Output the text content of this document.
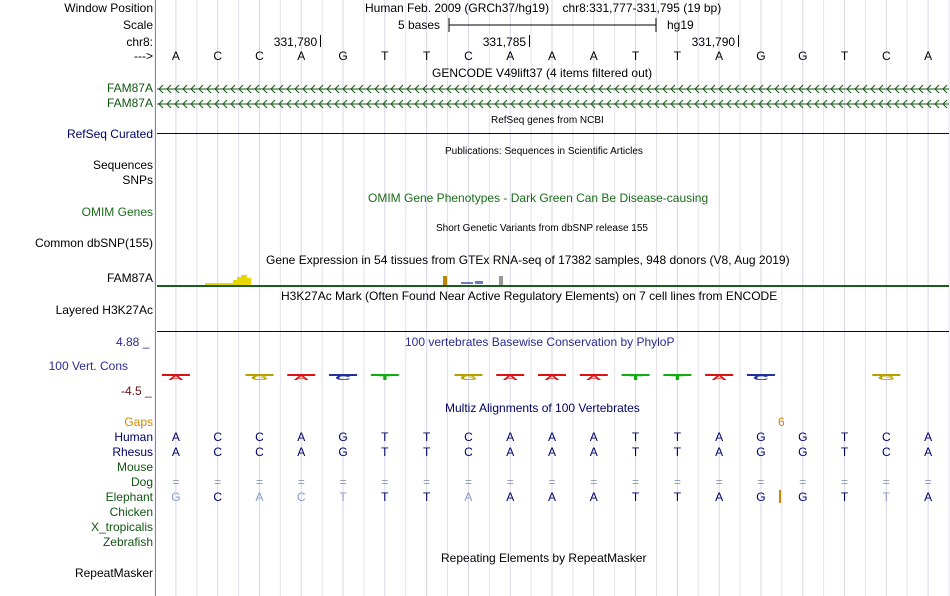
Window Position	Human Feb. 2009 (GRCh37/hg19)    chr8:331,777-331,795 (19 bp)
Scale	5 bases	hg19
chr8:	331,780	331,785	331,790
--->	A	C	C	A	G	T	T	C	A	A	A	T	T	A	G	G	T	C	A
GENCODE V49lift37 (4 items filtered out)
FAM87A
FAM87A
RefSeq genes from NCBI
RefSeq Curated
Publications: Sequences in Scientific Articles
Sequences
SNPs
OMIM Gene Phenotypes - Dark Green Can Be Disease-causing
OMIM Genes
Short Genetic Variants from dbSNP release 155
Common dbSNP(155)
Gene Expression in 54 tissues from GTEx RNA-seq of 17382 samples, 948 donors (V8, Aug 2019)
FAM87A
H3K27Ac Mark (Often Found Near Active Regulatory Elements) on 7 cell lines from ENCODE
Layered H3K27Ac
100 vertebrates Basewise Conservation by PhyloP
4.88 _
100 Vert. Cons
-4.5 _
A	G A C T	G A A A T T A C	G
Multiz Alignments of 100 Vertebrates
Gaps	6
Human	A	C	C	A	G	T	T	C	A	A	A	T	T	A	G	G	T	C	A
Rhesus	A	C	C	A	G	T	T	C	A	A	A	T	T	A	G	G	T	C	A
Mouse
Dog	=	=	=	=	=	=	=	=	=	=	=	=	=	=	=	=	=	=	=
Elephant G	C	A	C	T	T	T	A	A	A	A	T	T	A	G	G	T	T	A
Chicken
X_tropicalis
Zebrafish
Repeating Elements by RepeatMasker
RepeatMasker
